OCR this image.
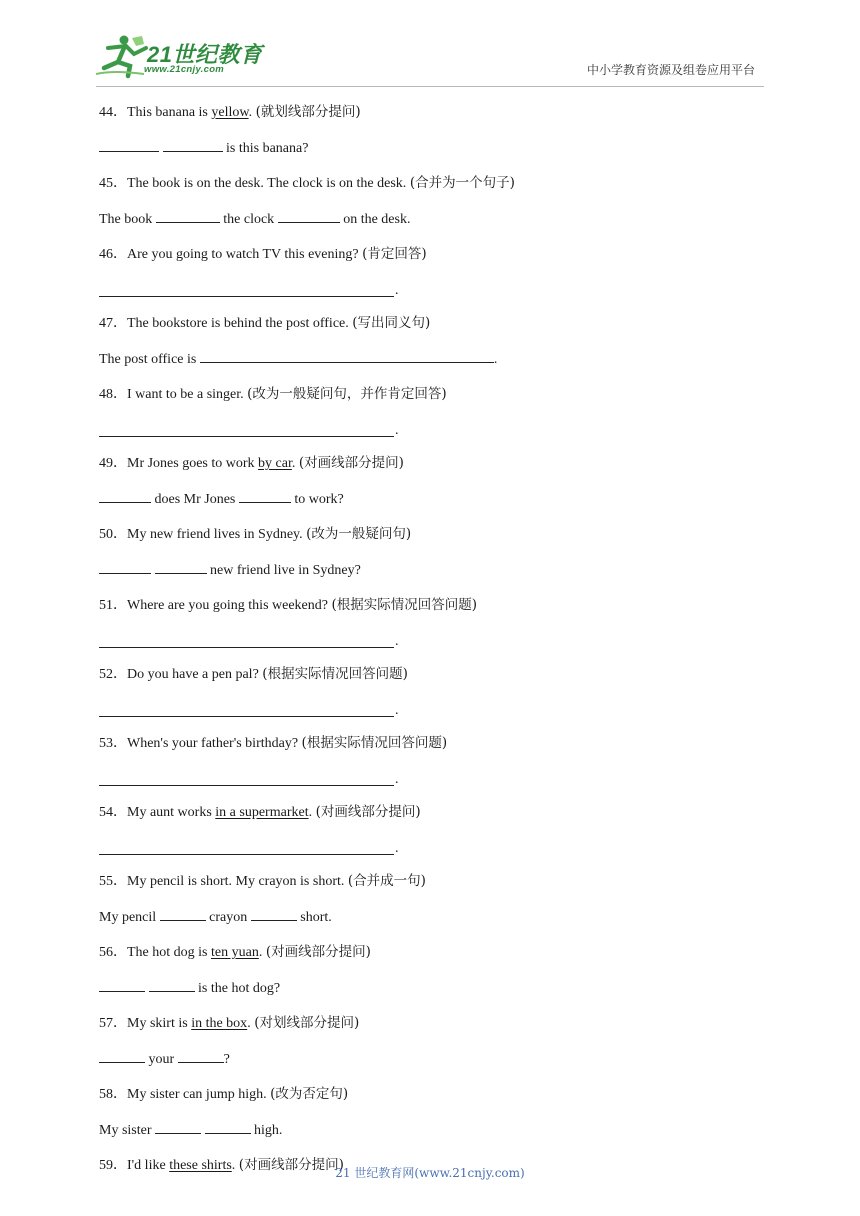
21世纪教育
www.21cnjy.com	中小学教育资源及组卷应用平台
44．This banana is yellow. (就划线部分提问)
is this banana?
45．The book is on the desk. The clock is on the desk. (合并为一个句子)
The book	the clock	on the desk.
46．Are you going to watch TV this evening? (肯定回答)
.
47．The bookstore is behind the post office. (写出同义句)
The post office is	.
48．I want to be a singer. (改为一般疑问句，并作肯定回答)
.
49．Mr Jones goes to work by car. (对画线部分提问)
does Mr Jones	to work?
50．My new friend lives in Sydney. (改为一般疑问句)
new friend live in Sydney?
51．Where are you going this weekend? (根据实际情况回答问题)
.
52．Do you have a pen pal? (根据实际情况回答问题)
.
53．When's your father's birthday? (根据实际情况回答问题)
.
54．My aunt works in a supermarket. (对画线部分提问)
.
55．My pencil is short. My crayon is short. (合并成一句)
My pencil	crayon	short.
56．The hot dog is ten yuan. (对画线部分提问)
is the hot dog?
57．My skirt is in the box. (对划线部分提问)
your	?
58．My sister can jump high. (改为否定句)
My sister	high.
59．I'd like these shirts. (对画线部分提问)
21 世纪教育网(www.21cnjy.com)
